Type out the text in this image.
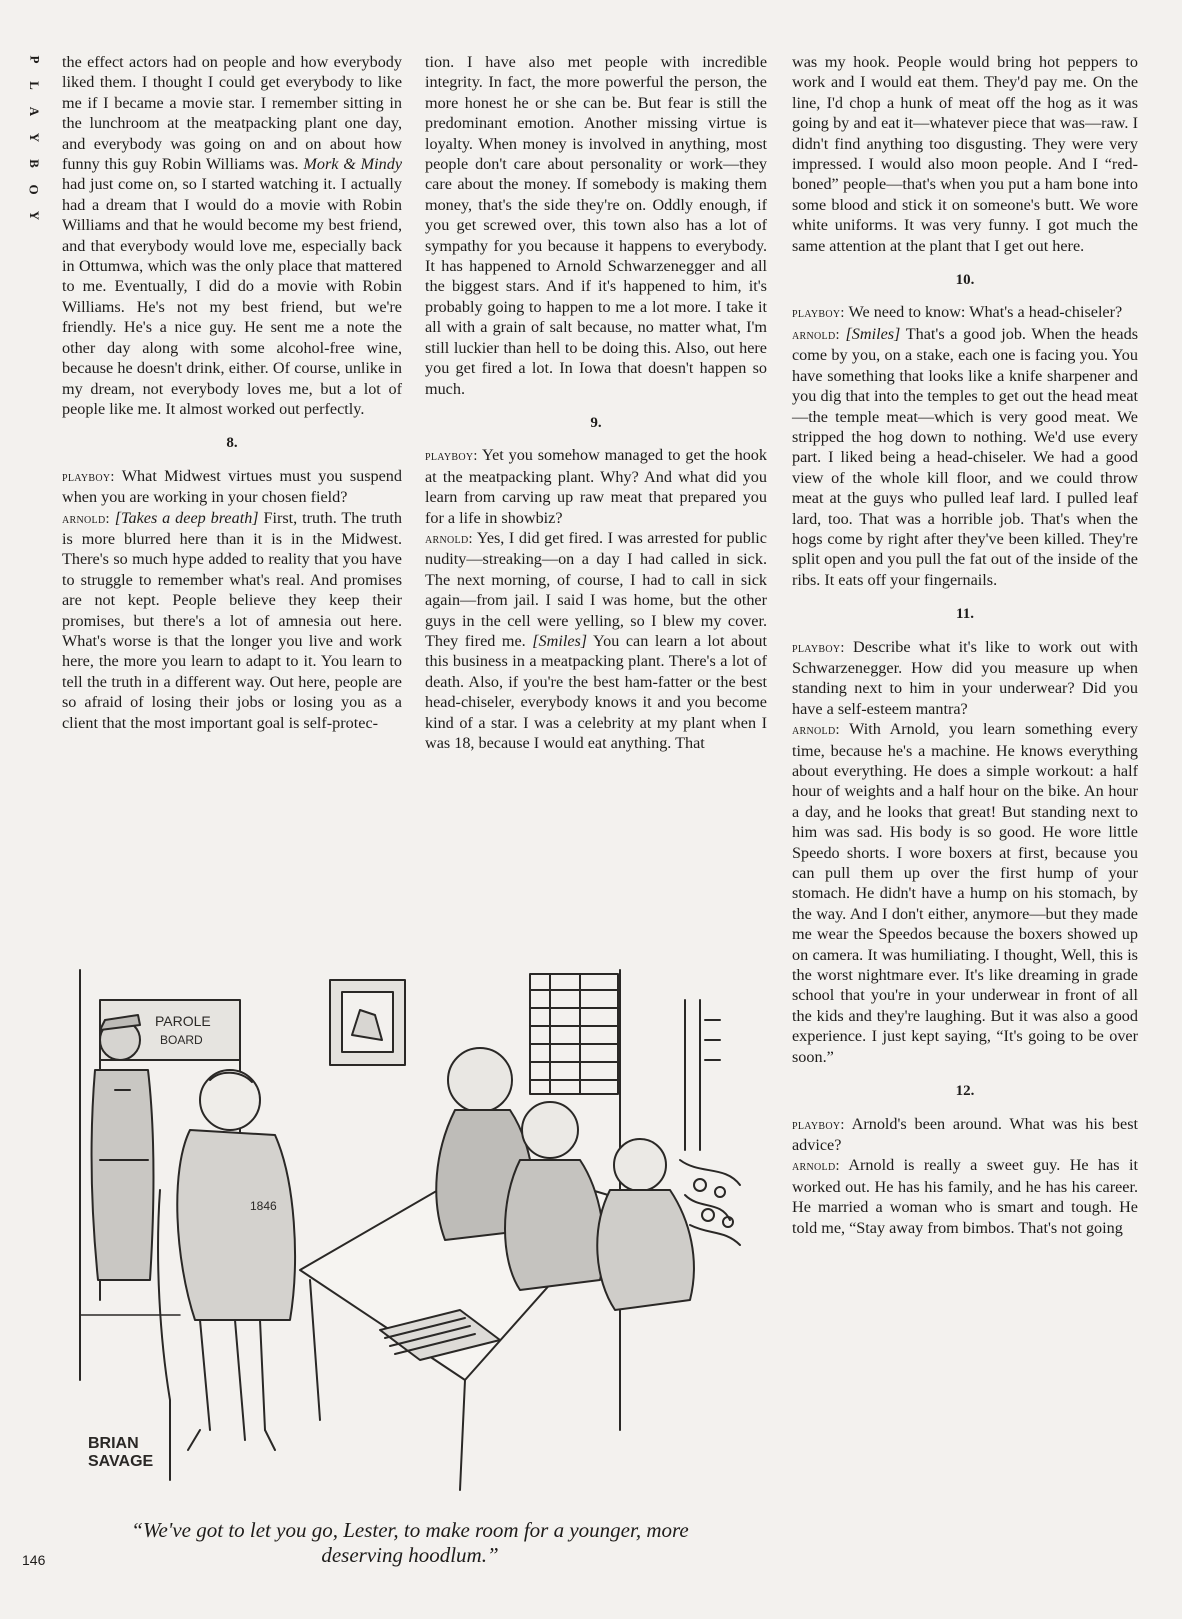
P
L
A
Y
B
O
Y

the effect actors had on people and how everybody liked them. I thought I could get everybody to like me if I became a movie star. I remember sitting in the lunchroom at the meatpacking plant one day, and everybody was going on and on about how funny this guy Robin Williams was. Mork & Mindy had just come on, so I started watching it. I actually had a dream that I would do a movie with Robin Williams and that he would become my best friend, and that everybody would love me, especially back in Ottumwa, which was the only place that mattered to me. Eventually, I did do a movie with Robin Williams. He's not my best friend, but we're friendly. He's a nice guy. He sent me a note the other day along with some alcohol-free wine, because he doesn't drink, either. Of course, unlike in my dream, not everybody loves me, but a lot of people like me. It almost worked out perfectly.

8.

playboy: What Midwest virtues must you suspend when you are working in your chosen field?

arnold: [Takes a deep breath] First, truth. The truth is more blurred here than it is in the Midwest. There's so much hype added to reality that you have to struggle to remember what's real. And promises are not kept. People believe they keep their promises, but there's a lot of amnesia out here. What's worse is that the longer you live and work here, the more you learn to adapt to it. You learn to tell the truth in a different way. Out here, people are so afraid of losing their jobs or losing you as a client that the most important goal is self-protec-

tion. I have also met people with incredible integrity. In fact, the more powerful the person, the more honest he or she can be. But fear is still the predominant emotion. Another missing virtue is loyalty. When money is involved in anything, most people don't care about personality or work—they care about the money. If somebody is making them money, that's the side they're on. Oddly enough, if you get screwed over, this town also has a lot of sympathy for you because it happens to everybody. It has happened to Arnold Schwarzenegger and all the biggest stars. And if it's happened to him, it's probably going to happen to me a lot more. I take it all with a grain of salt because, no matter what, I'm still luckier than hell to be doing this. Also, out here you get fired a lot. In Iowa that doesn't happen so much.

9.

playboy: Yet you somehow managed to get the hook at the meatpacking plant. Why? And what did you learn from carving up raw meat that prepared you for a life in showbiz?

arnold: Yes, I did get fired. I was arrested for public nudity—streaking—on a day I had called in sick. The next morning, of course, I had to call in sick again—from jail. I said I was home, but the other guys in the cell were yelling, so I blew my cover. They fired me. [Smiles] You can learn a lot about this business in a meatpacking plant. There's a lot of death. Also, if you're the best ham-fatter or the best head-chiseler, everybody knows it and you become kind of a star. I was a celebrity at my plant when I was 18, because I would eat anything. That

was my hook. People would bring hot peppers to work and I would eat them. They'd pay me. On the line, I'd chop a hunk of meat off the hog as it was going by and eat it—whatever piece that was—raw. I didn't find anything too disgusting. They were very impressed. I would also moon people. And I “red-boned” people—that's when you put a ham bone into some blood and stick it on someone's butt. We wore white uniforms. It was very funny. I got much the same attention at the plant that I get out here.

10.

playboy: We need to know: What's a head-chiseler?

arnold: [Smiles] That's a good job. When the heads come by you, on a stake, each one is facing you. You have something that looks like a knife sharpener and you dig that into the temples to get out the head meat—the temple meat—which is very good meat. We stripped the hog down to nothing. We'd use every part. I liked being a head-chiseler. We had a good view of the whole kill floor, and we could throw meat at the guys who pulled leaf lard. I pulled leaf lard, too. That was a horrible job. That's when the hogs come by right after they've been killed. They're split open and you pull the fat out of the inside of the ribs. It eats off your fingernails.

11.

playboy: Describe what it's like to work out with Schwarzenegger. How did you measure up when standing next to him in your underwear? Did you have a self-esteem mantra?

arnold: With Arnold, you learn something every time, because he's a machine. He knows everything about everything. He does a simple workout: a half hour of weights and a half hour on the bike. An hour a day, and he looks that great! But standing next to him was sad. His body is so good. He wore little Speedo shorts. I wore boxers at first, because you can pull them up over the first hump of your stomach. He didn't have a hump on his stomach, by the way. And I don't either, anymore—but they made me wear the Speedos because the boxers showed up on camera. It was humiliating. I thought, Well, this is the worst nightmare ever. It's like dreaming in grade school that you're in your underwear in front of all the kids and they're laughing. But it was also a good experience. I just kept saying, “It's going to be over soon.”

12.

playboy: Arnold's been around. What was his best advice?

arnold: Arnold is really a sweet guy. He has it worked out. He has his family, and he has his career. He married a woman who is smart and tough. He told me, “Stay away from bimbos. That's not going

PAROLE
BOARD
1846
BRIAN
SAVAGE
“We've got to let you go, Lester, to make room for a younger, more deserving hoodlum.”
146
